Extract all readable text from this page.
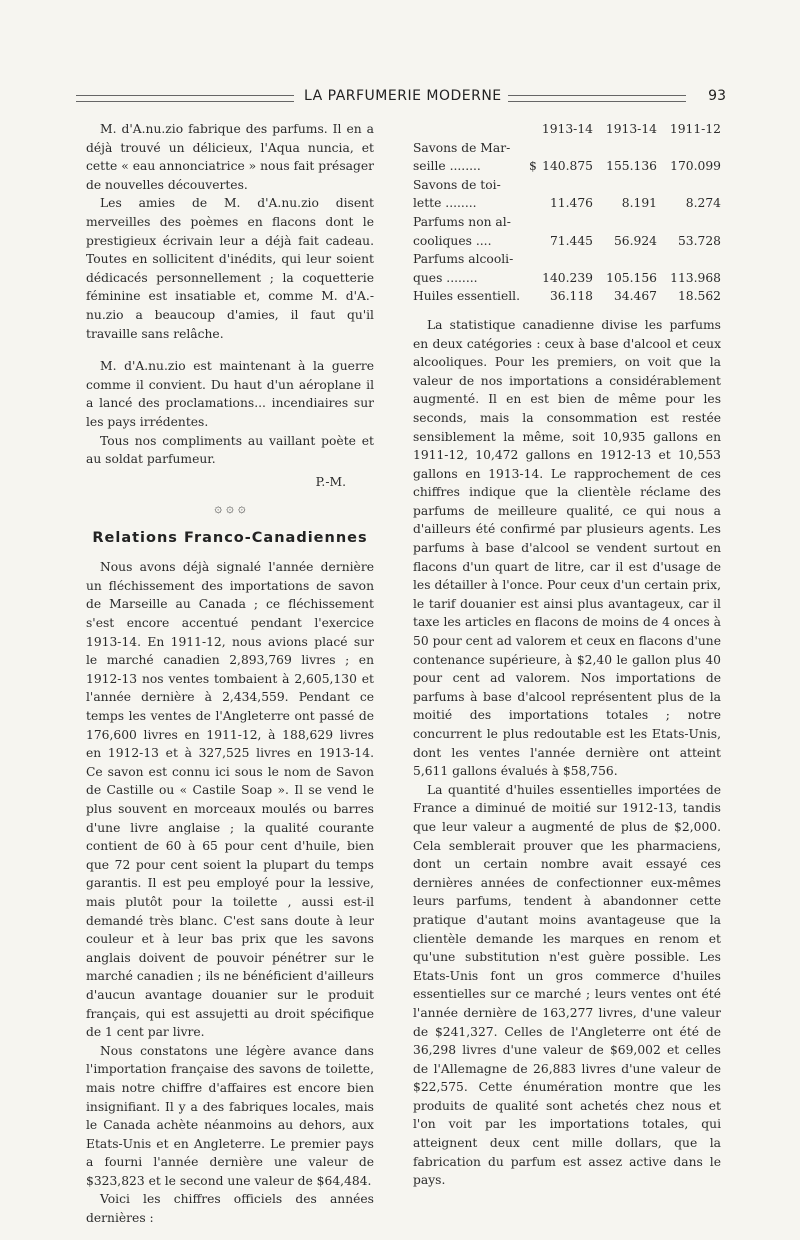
LA PARFUMERIE MODERNE	93

M. d'A.nu.zio fabrique des parfums. Il en a déjà trouvé un délicieux, l'Aqua nuncia, et cette « eau annonciatrice » nous fait présager de nouvelles découvertes.

Les amies de M. d'A.nu.zio disent merveilles des poèmes en flacons dont le prestigieux écrivain leur a déjà fait cadeau. Toutes en sollicitent d'inédits, qui leur soient dédicacés personnellement ; la coquetterie féminine est insatiable et, comme M. d'A.-nu.zio a beaucoup d'amies, il faut qu'il travaille sans relâche.

M. d'A.nu.zio est maintenant à la guerre comme il convient. Du haut d'un aéroplane il a lancé des proclamations... incendiaires sur les pays irrédentes.

Tous nos compliments au vaillant poète et au soldat parfumeur.

P.-M.
۞ ۞ ۞
Relations Franco-Canadiennes

Nous avons déjà signalé l'année dernière un fléchissement des importations de savon de Marseille au Canada ; ce fléchissement s'est encore accentué pendant l'exercice 1913-14. En 1911-12, nous avions placé sur le marché canadien 2,893,769 livres ; en 1912-13 nos ventes tombaient à 2,605,130 et l'année dernière à 2,434,559. Pendant ce temps les ventes de l'Angleterre ont passé de 176,600 livres en 1911-12, à 188,629 livres en 1912-13 et à 327,525 livres en 1913-14. Ce savon est connu ici sous le nom de Savon de Castille ou « Castile Soap ». Il se vend le plus souvent en morceaux moulés ou barres d'une livre anglaise ; la qualité courante contient de 60 à 65 pour cent d'huile, bien que 72 pour cent soient la plupart du temps garantis. Il est peu employé pour la lessive, mais plutôt pour la toilette , aussi est-il demandé très blanc. C'est sans doute à leur couleur et à leur bas prix que les savons anglais doivent de pouvoir pénétrer sur le marché canadien ; ils ne bénéficient d'ailleurs d'aucun avantage douanier sur le produit français, qui est assujetti au droit spécifique de 1 cent par livre.

Nous constatons une légère avance dans l'importation française des savons de toilette, mais notre chiffre d'affaires est encore bien insignifiant. Il y a des fabriques locales, mais le Canada achète néanmoins au dehors, aux Etats-Unis et en Angleterre. Le premier pays a fourni l'année dernière une valeur de $323,823 et le second une valeur de $64,484.

Voici les chiffres officiels des années dernières :

	1913-14	1913-14	1911-12
Savons de Mar-			
seille ........	$ 140.875	155.136	170.099
Savons de toi-			
lette ........	11.476	8.191	8.274
Parfums non al-			
cooliques ....	71.445	56.924	53.728
Parfums alcooli-			
ques ........	140.239	105.156	113.968
Huiles essentiell.	36.118	34.467	18.562

La statistique canadienne divise les parfums en deux catégories : ceux à base d'alcool et ceux alcooliques. Pour les premiers, on voit que la valeur de nos importations a considérablement augmenté. Il en est bien de même pour les seconds, mais la consommation est restée sensiblement la même, soit 10,935 gallons en 1911-12, 10,472 gallons en 1912-13 et 10,553 gallons en 1913-14. Le rapprochement de ces chiffres indique que la clientèle réclame des parfums de meilleure qualité, ce qui nous a d'ailleurs été confirmé par plusieurs agents. Les parfums à base d'alcool se vendent surtout en flacons d'un quart de litre, car il est d'usage de les détailler à l'once. Pour ceux d'un certain prix, le tarif douanier est ainsi plus avantageux, car il taxe les articles en flacons de moins de 4 onces à 50 pour cent ad valorem et ceux en flacons d'une contenance supérieure, à $2,40 le gallon plus 40 pour cent ad valorem. Nos importations de parfums à base d'alcool représentent plus de la moitié des importations totales ; notre concurrent le plus redoutable est les Etats-Unis, dont les ventes l'année dernière ont atteint 5,611 gallons évalués à $58,756.

La quantité d'huiles essentielles importées de France a diminué de moitié sur 1912-13, tandis que leur valeur a augmenté de plus de $2,000. Cela semblerait prouver que les pharmaciens, dont un certain nombre avait essayé ces dernières années de confectionner eux-mêmes leurs parfums, tendent à abandonner cette pratique d'autant moins avantageuse que la clientèle demande les marques en renom et qu'une substitution n'est guère possible. Les Etats-Unis font un gros commerce d'huiles essentielles sur ce marché ; leurs ventes ont été l'année dernière de 163,277 livres, d'une valeur de $241,327. Celles de l'Angleterre ont été de 36,298 livres d'une valeur de $69,002 et celles de l'Allemagne de 26,883 livres d'une valeur de $22,575. Cette énumération montre que les produits de qualité sont achetés chez nous et l'on voit par les importations totales, qui atteignent deux cent mille dollars, que la fabrication du parfum est assez active dans le pays.
